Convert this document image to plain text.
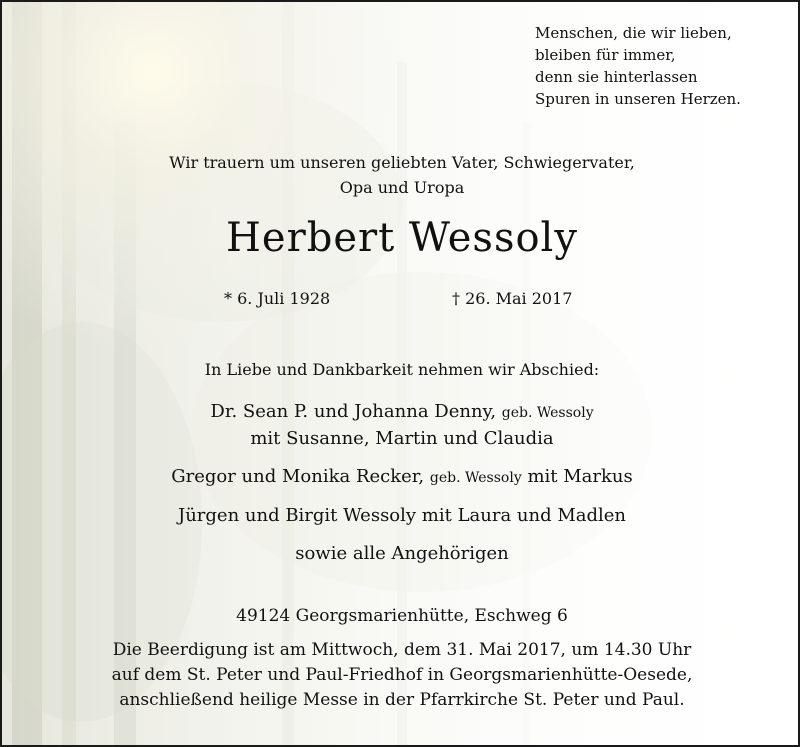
Menschen, die wir lieben,
bleiben für immer,
denn sie hinterlassen
Spuren in unseren Herzen.
Wir trauern um unseren geliebten Vater, Schwiegervater,
Opa und Uropa
Herbert Wessoly
* 6. Juli 1928	† 26. Mai 2017
In Liebe und Dankbarkeit nehmen wir Abschied:
Dr. Sean P. und Johanna Denny, geb. Wessoly
mit Susanne, Martin und Claudia
Gregor und Monika Recker, geb. Wessoly mit Markus
Jürgen und Birgit Wessoly mit Laura und Madlen
sowie alle Angehörigen
49124 Georgsmarienhütte, Eschweg 6
Die Beerdigung ist am Mittwoch, dem 31. Mai 2017, um 14.30 Uhr
auf dem St. Peter und Paul-Friedhof in Georgsmarienhütte-Oesede,
anschließend heilige Messe in der Pfarrkirche St. Peter und Paul.
